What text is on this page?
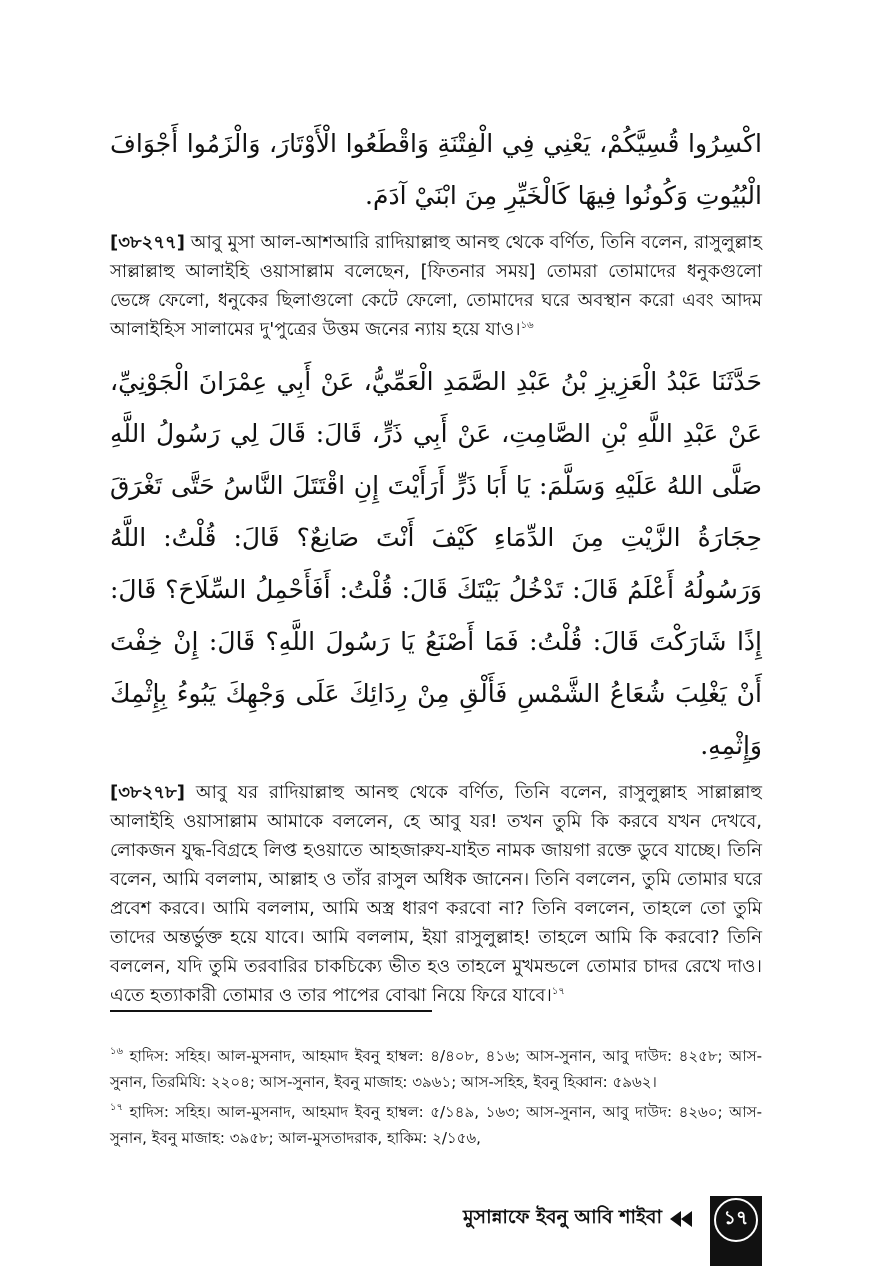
اكْسِرُوا قُسِيَّكُمْ، يَعْنِي فِي الْفِتْنَةِ وَاقْطَعُوا الْأَوْتَارَ، وَالْزَمُوا أَجْوَافَ الْبُيُوتِ وَكُونُوا فِيهَا كَالْخَيِّرِ مِنَ ابْنَيْ آدَمَ.

[৩৮২৭৭] আবু মুসা আল-আশআরি রাদিয়াল্লাহু আনহু থেকে বর্ণিত, তিনি বলেন, রাসুলুল্লাহ সাল্লাল্লাহু আলাইহি ওয়াসাল্লাম বলেছেন, [ফিতনার সময়] তোমরা তোমাদের ধনুকগুলো ভেঙ্গে ফেলো, ধনুকের ছিলাগুলো কেটে ফেলো, তোমাদের ঘরে অবস্থান করো এবং আদম আলাইহিস সালামের দু'পুত্রের উত্তম জনের ন্যায় হয়ে যাও।$^{১৬}$

حَدَّثَنَا عَبْدُ الْعَزِيزِ بْنُ عَبْدِ الصَّمَدِ الْعَمِّيُّ، عَنْ أَبِي عِمْرَانَ الْجَوْنِيِّ، عَنْ عَبْدِ اللَّهِ بْنِ الصَّامِتِ، عَنْ أَبِي ذَرٍّ، قَالَ: قَالَ لِي رَسُولُ اللَّهِ صَلَّى اللهُ عَلَيْهِ وَسَلَّمَ: يَا أَبَا ذَرٍّ أَرَأَيْتَ إِنِ اقْتَتَلَ النَّاسُ حَتَّى تَغْرَقَ حِجَارَةُ الزَّيْتِ مِنَ الدِّمَاءِ كَيْفَ أَنْتَ صَانِعٌ؟ قَالَ: قُلْتُ: اللَّهُ وَرَسُولُهُ أَعْلَمُ قَالَ: تَدْخُلُ بَيْتَكَ قَالَ: قُلْتُ: أَفَأَحْمِلُ السِّلَاحَ؟ قَالَ: إِذًا شَارَكْتَ قَالَ: قُلْتُ: فَمَا أَصْنَعُ يَا رَسُولَ اللَّهِ؟ قَالَ: إِنْ خِفْتَ أَنْ يَغْلِبَ شُعَاعُ الشَّمْسِ فَأَلْقِ مِنْ رِدَائِكَ عَلَى وَجْهِكَ يَبُوءُ بِإِثْمِكَ وَإِثْمِهِ.

[৩৮২৭৮] আবু যর রাদিয়াল্লাহু আনহু থেকে বর্ণিত, তিনি বলেন, রাসুলুল্লাহ সাল্লাল্লাহু আলাইহি ওয়াসাল্লাম আমাকে বললেন, হে আবু যর! তখন তুমি কি করবে যখন দেখবে, লোকজন যুদ্ধ-বিগ্রহে লিপ্ত হওয়াতে আহজারুয-যাইত নামক জায়গা রক্তে ডুবে যাচ্ছে। তিনি বলেন, আমি বললাম, আল্লাহ ও তাঁর রাসুল অধিক জানেন। তিনি বললেন, তুমি তোমার ঘরে প্রবেশ করবে। আমি বললাম, আমি অস্ত্র ধারণ করবো না? তিনি বললেন, তাহলে তো তুমি তাদের অন্তর্ভুক্ত হয়ে যাবে। আমি বললাম, ইয়া রাসুলুল্লাহ! তাহলে আমি কি করবো? তিনি বললেন, যদি তুমি তরবারির চাকচিক্যে ভীত হও তাহলে মুখমন্ডলে তোমার চাদর রেখে দাও। এতে হত্যাকারী তোমার ও তার পাপের বোঝা নিয়ে ফিরে যাবে।$^{১৭}$

$^{১৬}$ হাদিস: সহিহ। আল-মুসনাদ, আহমাদ ইবনু হাম্বল: ৪/৪০৮, ৪১৬; আস-সুনান, আবু দাউদ: ৪২৫৮; আস-সুনান, তিরমিযি: ২২০৪; আস-সুনান, ইবনু মাজাহ: ৩৯৬১; আস-সহিহ, ইবনু হিব্বান: ৫৯৬২।

$^{১৭}$ হাদিস: সহিহ। আল-মুসনাদ, আহমাদ ইবনু হাম্বল: ৫/১৪৯, ১৬৩; আস-সুনান, আবু দাউদ: ৪২৬০; আস-সুনান, ইবনু মাজাহ: ৩৯৫৮; আল-মুসতাদরাক, হাকিম: ২/১৫৬,

মুসান্নাফে ইবনু আবি শাইবা	১৭
